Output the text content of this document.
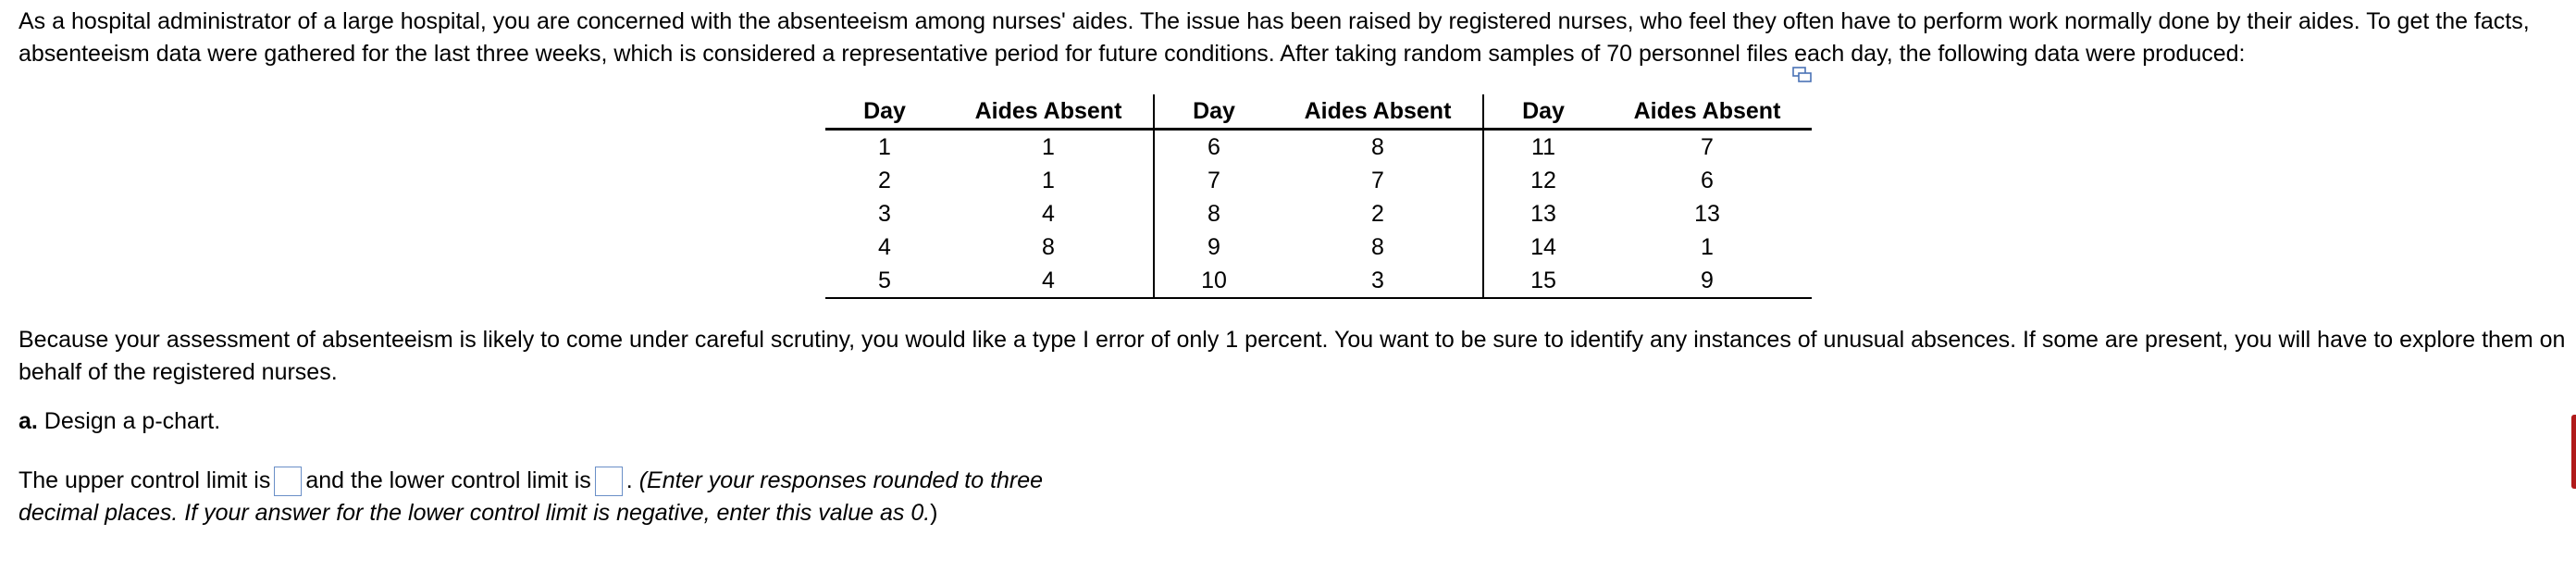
As a hospital administrator of a large hospital, you are concerned with the absenteeism among nurses' aides. The issue has been raised by registered nurses, who feel they often have to perform work normally done by their aides. To get the facts, absenteeism data were gathered for the last three weeks, which is considered a representative period for future conditions. After taking random samples of 70 personnel files each day, the following data were produced:
Day	Aides Absent	Day	Aides Absent	Day	Aides Absent
1	1	6	8	11	7
2	1	7	7	12	6
3	4	8	2	13	13
4	8	9	8	14	1
5	4	10	3	15	9
Because your assessment of absenteeism is likely to come under careful scrutiny, you would like a type I error of only 1 percent. You want to be sure to identify any instances of unusual absences. If some are present, you will have to explore them on behalf of the registered nurses.
a. Design a p-chart.
The upper control limit is and the lower control limit is . (Enter your responses rounded to three decimal places. If your answer for the lower control limit is negative, enter this value as 0.)
